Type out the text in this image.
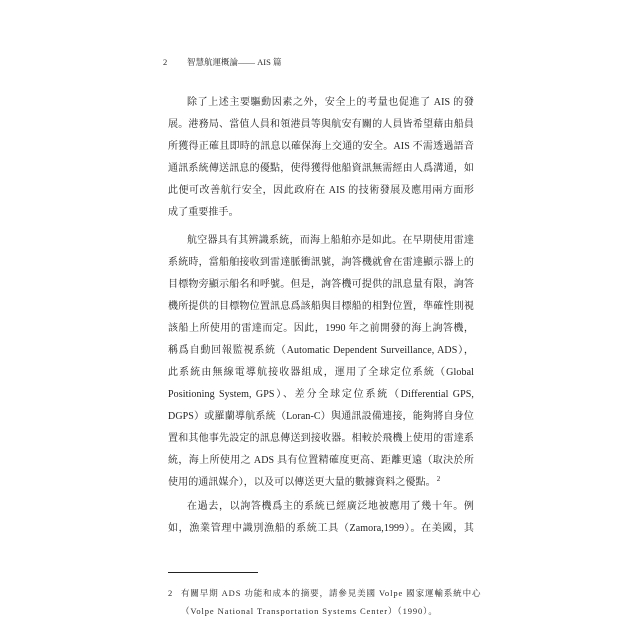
2 智慧航運概論—— AIS 篇
除了上述主要驅動因素之外，安全上的考量也促進了 AIS 的發
展。港務局、當值人員和領港員等與航安有關的人員皆希望藉由船員
所獲得正確且即時的訊息以確保海上交通的安全。AIS 不需透過語音
通訊系統傳送訊息的優點，使得獲得他船資訊無需經由人爲溝通，如
此便可改善航行安全，因此政府在 AIS 的技術發展及應用兩方面形
成了重要推手。
航空器具有其辨識系統，而海上船舶亦是如此。在早期使用雷達
系統時，當船舶接收到雷達脈衝訊號，詢答機就會在雷達顯示器上的
目標物旁顯示船名和呼號。但是，詢答機可提供的訊息量有限，詢答
機所提供的目標物位置訊息爲該船與目標船的相對位置，準確性則視
該船上所使用的雷達而定。因此，1990 年之前開發的海上詢答機，
稱爲自動回報監視系統（Automatic Dependent Surveillance, ADS），
此系統由無線電導航接收器組成，運用了全球定位系統（Global
Positioning System, GPS）、差分全球定位系統（Differential GPS,
DGPS）或羅蘭導航系統（Loran-C）與通訊設備連接，能夠將自身位
置和其他事先設定的訊息傳送到接收器。相較於飛機上使用的雷達系
統，海上所使用之 ADS 具有位置精確度更高、距離更遠（取決於所
使用的通訊媒介），以及可以傳送更大量的數據資料之優點。$^2$
在過去，以詢答機爲主的系統已經廣泛地被應用了幾十年。例
如，漁業管理中識別漁船的系統工具（Zamora,1999）。在美國，其
2 有關早期 ADS 功能和成本的摘要，請參見美國 Volpe 國家運輸系統中心
（Volpe National Transportation Systems Center）（1990）。
